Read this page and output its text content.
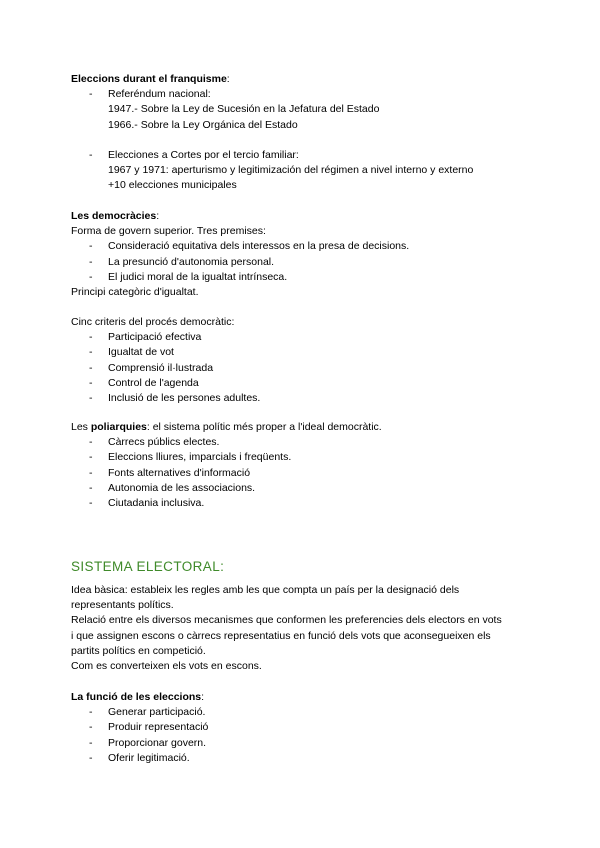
Eleccions durant el franquisme:

- Referéndum nacional:

1947.- Sobre la Ley de Sucesión en la Jefatura del Estado

1966.- Sobre la Ley Orgánica del Estado

- Elecciones a Cortes por el tercio familiar:

1967 y 1971: aperturismo y legitimización del régimen a nivel interno y externo

+10 elecciones municipales

Les democràcies:

Forma de govern superior. Tres premises:

- Consideració equitativa dels interessos en la presa de decisions.
- La presunció d'autonomia personal.
- El judici moral de la igualtat intrínseca.

Principi categòric d'igualtat.

Cinc criteris del procés democràtic:

- Participació efectiva
- Igualtat de vot
- Comprensió il·lustrada
- Control de l'agenda
- Inclusió de les persones adultes.

Les poliarquies: el sistema polític més proper a l'ideal democràtic.

- Càrrecs públics electes.
- Eleccions lliures, imparcials i freqüents.
- Fonts alternatives d'informació
- Autonomia de les associacions.
- Ciutadania inclusiva.

SISTEMA ELECTORAL:

Idea bàsica: estableix les regles amb les que compta un país per la designació dels

representants polítics.

Relació entre els diversos mecanismes que conformen les preferencies dels electors en vots

i que assignen escons o càrrecs representatius en funció dels vots que aconsegueixen els

partits polítics en competició.

Com es converteixen els vots en escons.

La funció de les eleccions:

- Generar participació.
- Produir representació
- Proporcionar govern.
- Oferir legitimació.
